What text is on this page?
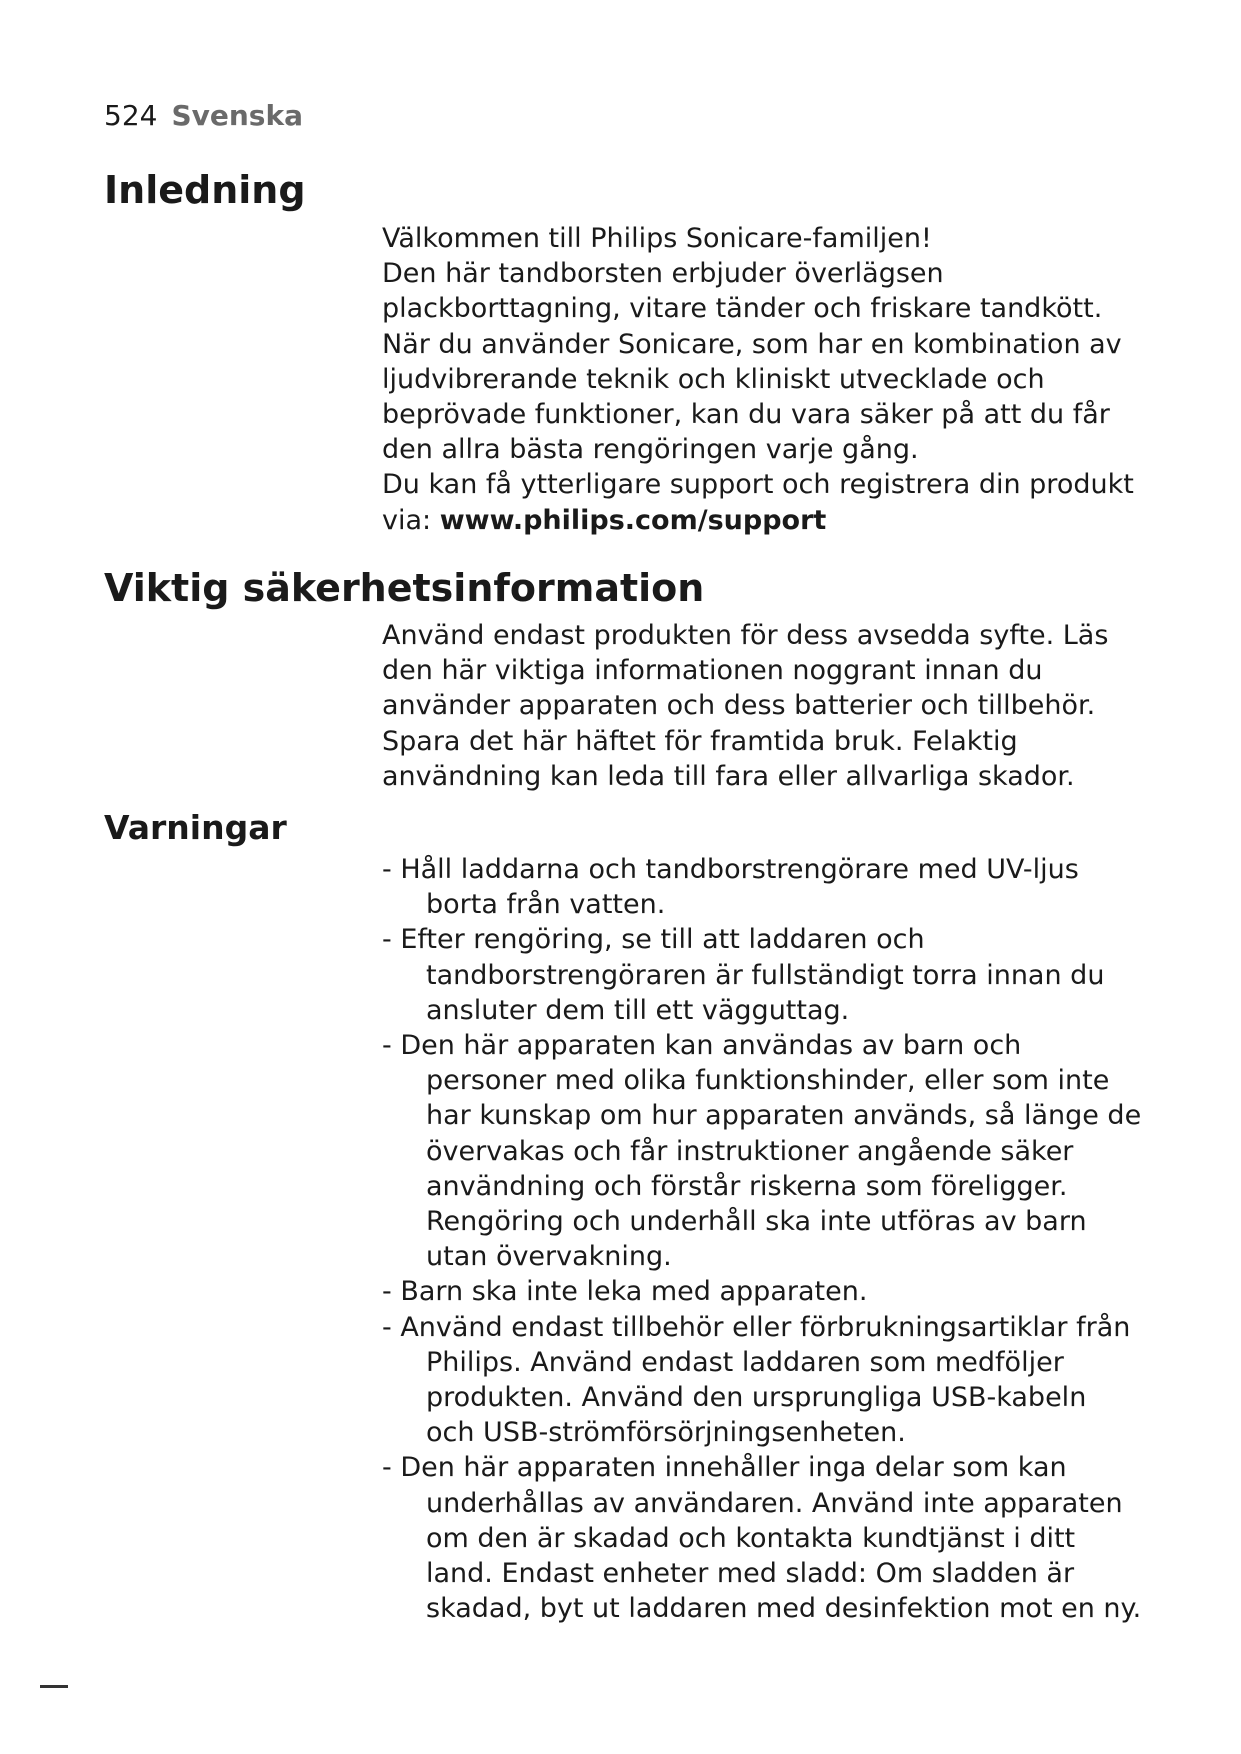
524 Svenska
Inledning

Välkommen till Philips Sonicare-familjen!

Den här tandborsten erbjuder överlägsen plackborttagning, vitare tänder och friskare tandkött. När du använder Sonicare, som har en kombination av ljudvibrerande teknik och kliniskt utvecklade och beprövade funktioner, kan du vara säker på att du får den allra bästa rengöringen varje gång.

Du kan få ytterligare support och registrera din produkt via: www.philips.com/support

Viktig säkerhetsinformation

Använd endast produkten för dess avsedda syfte. Läs den här viktiga informationen noggrant innan du använder apparaten och dess batterier och tillbehör. Spara det här häftet för framtida bruk. Felaktig användning kan leda till fara eller allvarliga skador.

Varningar
- Håll laddarna och tandborstrengörare med UV-ljus borta från vatten.
- Efter rengöring, se till att laddaren och tandborstrengöraren är fullständigt torra innan du ansluter dem till ett vägguttag.
- Den här apparaten kan användas av barn och personer med olika funktionshinder, eller som inte har kunskap om hur apparaten används, så länge de övervakas och får instruktioner angående säker användning och förstår riskerna som föreligger. Rengöring och underhåll ska inte utföras av barn utan övervakning.
- Barn ska inte leka med apparaten.
- Använd endast tillbehör eller förbrukningsartiklar från Philips. Använd endast laddaren som medföljer produkten. Använd den ursprungliga USB-kabeln och USB-strömförsörjningsenheten.
- Den här apparaten innehåller inga delar som kan underhållas av användaren. Använd inte apparaten om den är skadad och kontakta kundtjänst i ditt land. Endast enheter med sladd: Om sladden är skadad, byt ut laddaren med desinfektion mot en ny.
